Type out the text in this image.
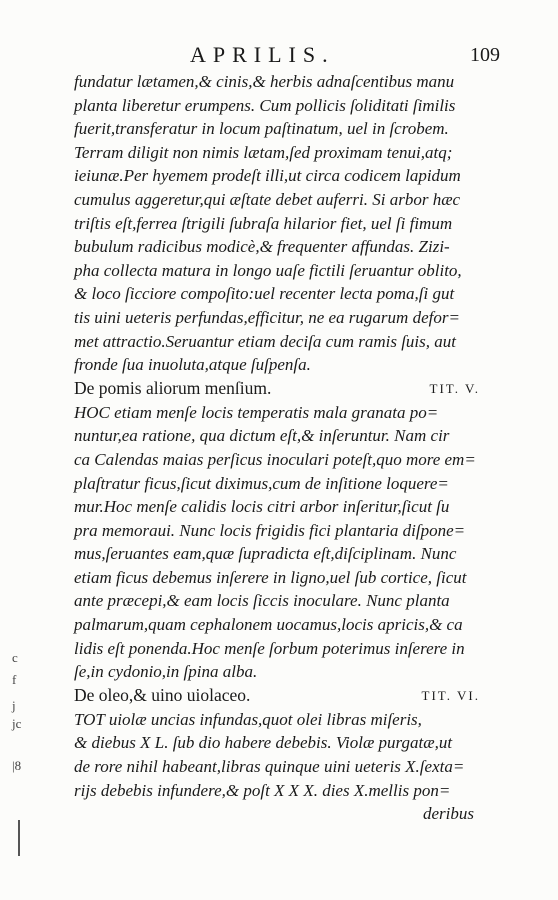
APRILIS.	109
fundatur lætamen,& cinis,& herbis adnaſcentibus manu
planta liberetur erumpens. Cum pollicis ſoliditati ſimilis
fuerit,transferatur in locum paſtinatum, uel in ſcrobem.
Terram diligit non nimis lætam,ſed proximam tenui,atq;
ieiunæ.Per hyemem prodeſt illi,ut circa codicem lapidum
cumulus aggeretur,qui æſtate debet auferri. Si arbor hæc
triſtis eſt,ferrea ſtrigili ſubraſa hilarior fiet, uel ſi fimum
bubulum radicibus modicè,& frequenter affundas. Zizi-
pha collecta matura in longo uaſe fictili ſeruantur oblito,
& loco ſicciore compoſito:uel recenter lecta poma,ſi gut
tis uini ueteris perfundas,efficitur, ne ea rugarum defor=
met attractio.Seruantur etiam deciſa cum ramis ſuis, aut
fronde ſua inuoluta,atque ſuſpenſa.
De pomis aliorum menſium.	TIT. V.
HOC etiam menſe locis temperatis mala granata po=
nuntur,ea ratione, qua dictum eſt,& inſeruntur. Nam cir
ca Calendas maias perſicus inoculari poteſt,quo more em=
plaſtratur ficus,ſicut diximus,cum de inſitione loquere=
mur.Hoc menſe calidis locis citri arbor inſeritur,ſicut ſu
pra memoraui. Nunc locis frigidis fici plantaria diſpone=
mus,ſeruantes eam,quæ ſupradicta eſt,diſciplinam. Nunc
etiam ficus debemus inſerere in ligno,uel ſub cortice, ſicut
ante præcepi,& eam locis ſiccis inoculare. Nunc planta
palmarum,quam cephalonem uocamus,locis apricis,& ca
lidis eſt ponenda.Hoc menſe ſorbum poterimus inſerere in
ſe,in cydonio,in ſpina alba.
De oleo,& uino uiolaceo.	TIT. VI.
TOT uiolæ uncias infundas,quot olei libras miſeris,
& diebus X L. ſub dio habere debebis. Violæ purgatæ,ut
de rore nihil habeant,libras quinque uini ueteris X.ſexta=
rijs debebis infundere,& poſt X X X. dies X.mellis pon=
deribus
c
f
j
jc
|8
